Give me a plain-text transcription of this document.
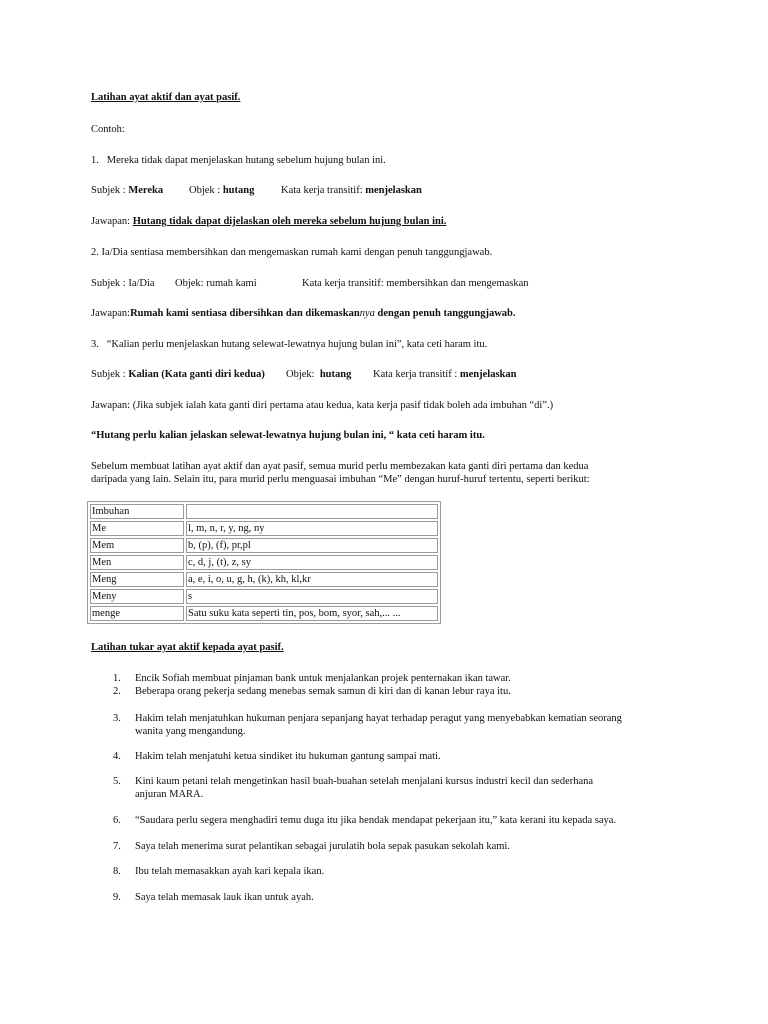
Latihan ayat aktif dan ayat pasif.
Contoh:
1. Mereka tidak dapat menjelaskan hutang sebelum hujung bulan ini.
Subjek : Mereka Objek : hutang	Kata kerja transitif: menjelaskan
Jawapan: Hutang tidak dapat dijelaskan oleh mereka sebelum hujung bulan ini.
2. Ia/Dia sentiasa membersihkan dan mengemaskan rumah kami dengan penuh tanggungjawab.
Subjek : Ia/Dia Objek: rumah kami	Kata kerja transitif: membersihkan dan mengemaskan
Jawapan:Rumah kami sentiasa dibersihkan dan dikemaskannya dengan penuh tanggungjawab.
3. “Kalian perlu menjelaskan hutang selewat-lewatnya hujung bulan ini”, kata ceti haram itu.
Subjek : Kalian (Kata ganti diri kedua) Objek: hutang Kata kerja transitif : menjelaskan
Jawapan: (Jika subjek ialah kata ganti diri pertama atau kedua, kata kerja pasif tidak boleh ada imbuhan “di”.)
“Hutang perlu kalian jelaskan selewat-lewatnya hujung bulan ini, “ kata ceti haram itu.
Sebelum membuat latihan ayat aktif dan ayat pasif, semua murid perlu membezakan kata ganti diri pertama dan kedua
daripada yang lain. Selain itu, para murid perlu menguasai imbuhan “Me” dengan huruf-huruf tertentu, seperti berikut:
Imbuhan	
Me	l, m, n, r, y, ng, ny
Mem	b, (p), (f), pr,pl
Men	c, d, j, (t), z, sy
Meng	a, e, i, o, u, g, h, (k), kh, kl,kr
Meny	s
menge	Satu suku kata seperti tin, pos, bom, syor, sah,... ...
Latihan tukar ayat aktif kepada ayat pasif.
1. Encik Sofiah membuat pinjaman bank untuk menjalankan projek penternakan ikan tawar.
2. Beberapa orang pekerja sedang menebas semak samun di kiri dan di kanan lebur raya itu.
3. Hakim telah menjatuhkan hukuman penjara sepanjang hayat terhadap peragut yang menyebabkan kematian seorang
wanita yang mengandung.
4. Hakim telah menjatuhi ketua sindiket itu hukuman gantung sampai mati.
5. Kini kaum petani telah mengetinkan hasil buah-buahan setelah menjalani kursus industri kecil dan sederhana
anjuran MARA.
6. “Saudara perlu segera menghadiri temu duga itu jika hendak mendapat pekerjaan itu,” kata kerani itu kepada saya.
7. Saya telah menerima surat pelantikan sebagai jurulatih bola sepak pasukan sekolah kami.
8. Ibu telah memasakkan ayah kari kepala ikan.
9. Saya telah memasak lauk ikan untuk ayah.
